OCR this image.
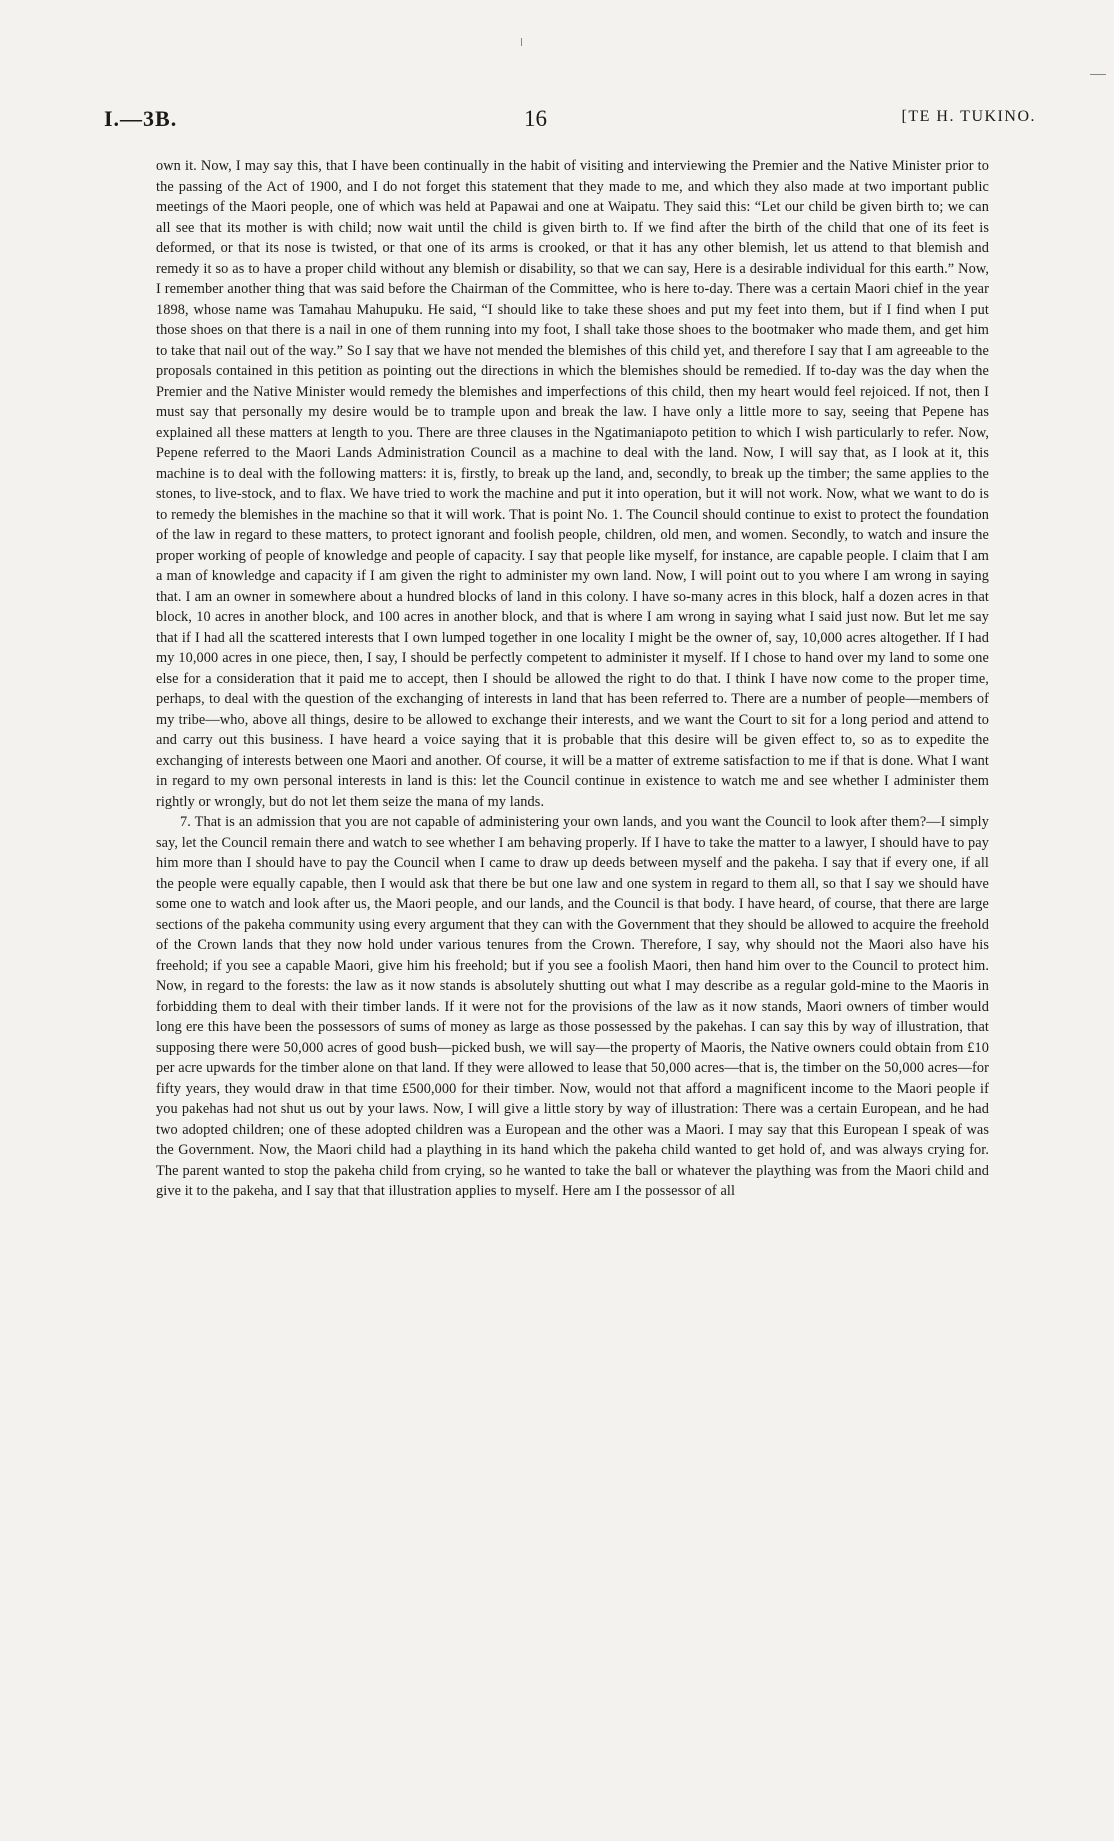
I.—3B.	16	[TE H. TUKINO.

own it. Now, I may say this, that I have been continually in the habit of visiting and interviewing the Premier and the Native Minister prior to the passing of the Act of 1900, and I do not forget this statement that they made to me, and which they also made at two important public meetings of the Maori people, one of which was held at Papawai and one at Waipatu. They said this: “Let our child be given birth to; we can all see that its mother is with child; now wait until the child is given birth to. If we find after the birth of the child that one of its feet is deformed, or that its nose is twisted, or that one of its arms is crooked, or that it has any other blemish, let us attend to that blemish and remedy it so as to have a proper child without any blemish or disability, so that we can say, Here is a desirable individual for this earth.” Now, I remember another thing that was said before the Chairman of the Committee, who is here to-day. There was a certain Maori chief in the year 1898, whose name was Tamahau Mahupuku. He said, “I should like to take these shoes and put my feet into them, but if I find when I put those shoes on that there is a nail in one of them running into my foot, I shall take those shoes to the bootmaker who made them, and get him to take that nail out of the way.” So I say that we have not mended the blemishes of this child yet, and therefore I say that I am agreeable to the proposals contained in this petition as pointing out the directions in which the blemishes should be remedied. If to-day was the day when the Premier and the Native Minister would remedy the blemishes and imperfections of this child, then my heart would feel rejoiced. If not, then I must say that personally my desire would be to trample upon and break the law. I have only a little more to say, seeing that Pepene has explained all these matters at length to you. There are three clauses in the Ngatimaniapoto petition to which I wish particularly to refer. Now, Pepene referred to the Maori Lands Administration Council as a machine to deal with the land. Now, I will say that, as I look at it, this machine is to deal with the following matters: it is, firstly, to break up the land, and, secondly, to break up the timber; the same applies to the stones, to live-stock, and to flax. We have tried to work the machine and put it into operation, but it will not work. Now, what we want to do is to remedy the blemishes in the machine so that it will work. That is point No. 1. The Council should continue to exist to protect the foundation of the law in regard to these matters, to protect ignorant and foolish people, children, old men, and women. Secondly, to watch and insure the proper working of people of knowledge and people of capacity. I say that people like myself, for instance, are capable people. I claim that I am a man of knowledge and capacity if I am given the right to administer my own land. Now, I will point out to you where I am wrong in saying that. I am an owner in somewhere about a hundred blocks of land in this colony. I have so-many acres in this block, half a dozen acres in that block, 10 acres in another block, and 100 acres in another block, and that is where I am wrong in saying what I said just now. But let me say that if I had all the scattered interests that I own lumped together in one locality I might be the owner of, say, 10,000 acres altogether. If I had my 10,000 acres in one piece, then, I say, I should be perfectly competent to administer it myself. If I chose to hand over my land to some one else for a consideration that it paid me to accept, then I should be allowed the right to do that. I think I have now come to the proper time, perhaps, to deal with the question of the exchanging of interests in land that has been referred to. There are a number of people—members of my tribe—who, above all things, desire to be allowed to exchange their interests, and we want the Court to sit for a long period and attend to and carry out this business. I have heard a voice saying that it is probable that this desire will be given effect to, so as to expedite the exchanging of interests between one Maori and another. Of course, it will be a matter of extreme satisfaction to me if that is done. What I want in regard to my own personal interests in land is this: let the Council continue in existence to watch me and see whether I administer them rightly or wrongly, but do not let them seize the mana of my lands.

7. That is an admission that you are not capable of administering your own lands, and you want the Council to look after them?—I simply say, let the Council remain there and watch to see whether I am behaving properly. If I have to take the matter to a lawyer, I should have to pay him more than I should have to pay the Council when I came to draw up deeds between myself and the pakeha. I say that if every one, if all the people were equally capable, then I would ask that there be but one law and one system in regard to them all, so that I say we should have some one to watch and look after us, the Maori people, and our lands, and the Council is that body. I have heard, of course, that there are large sections of the pakeha community using every argument that they can with the Government that they should be allowed to acquire the freehold of the Crown lands that they now hold under various tenures from the Crown. Therefore, I say, why should not the Maori also have his freehold; if you see a capable Maori, give him his freehold; but if you see a foolish Maori, then hand him over to the Council to protect him. Now, in regard to the forests: the law as it now stands is absolutely shutting out what I may describe as a regular gold-mine to the Maoris in forbidding them to deal with their timber lands. If it were not for the provisions of the law as it now stands, Maori owners of timber would long ere this have been the possessors of sums of money as large as those possessed by the pakehas. I can say this by way of illustration, that supposing there were 50,000 acres of good bush—picked bush, we will say—the property of Maoris, the Native owners could obtain from £10 per acre upwards for the timber alone on that land. If they were allowed to lease that 50,000 acres—that is, the timber on the 50,000 acres—for fifty years, they would draw in that time £500,000 for their timber. Now, would not that afford a magnificent income to the Maori people if you pakehas had not shut us out by your laws. Now, I will give a little story by way of illustration: There was a certain European, and he had two adopted children; one of these adopted children was a European and the other was a Maori. I may say that this European I speak of was the Government. Now, the Maori child had a plaything in its hand which the pakeha child wanted to get hold of, and was always crying for. The parent wanted to stop the pakeha child from crying, so he wanted to take the ball or whatever the plaything was from the Maori child and give it to the pakeha, and I say that that illustration applies to myself. Here am I the possessor of all
